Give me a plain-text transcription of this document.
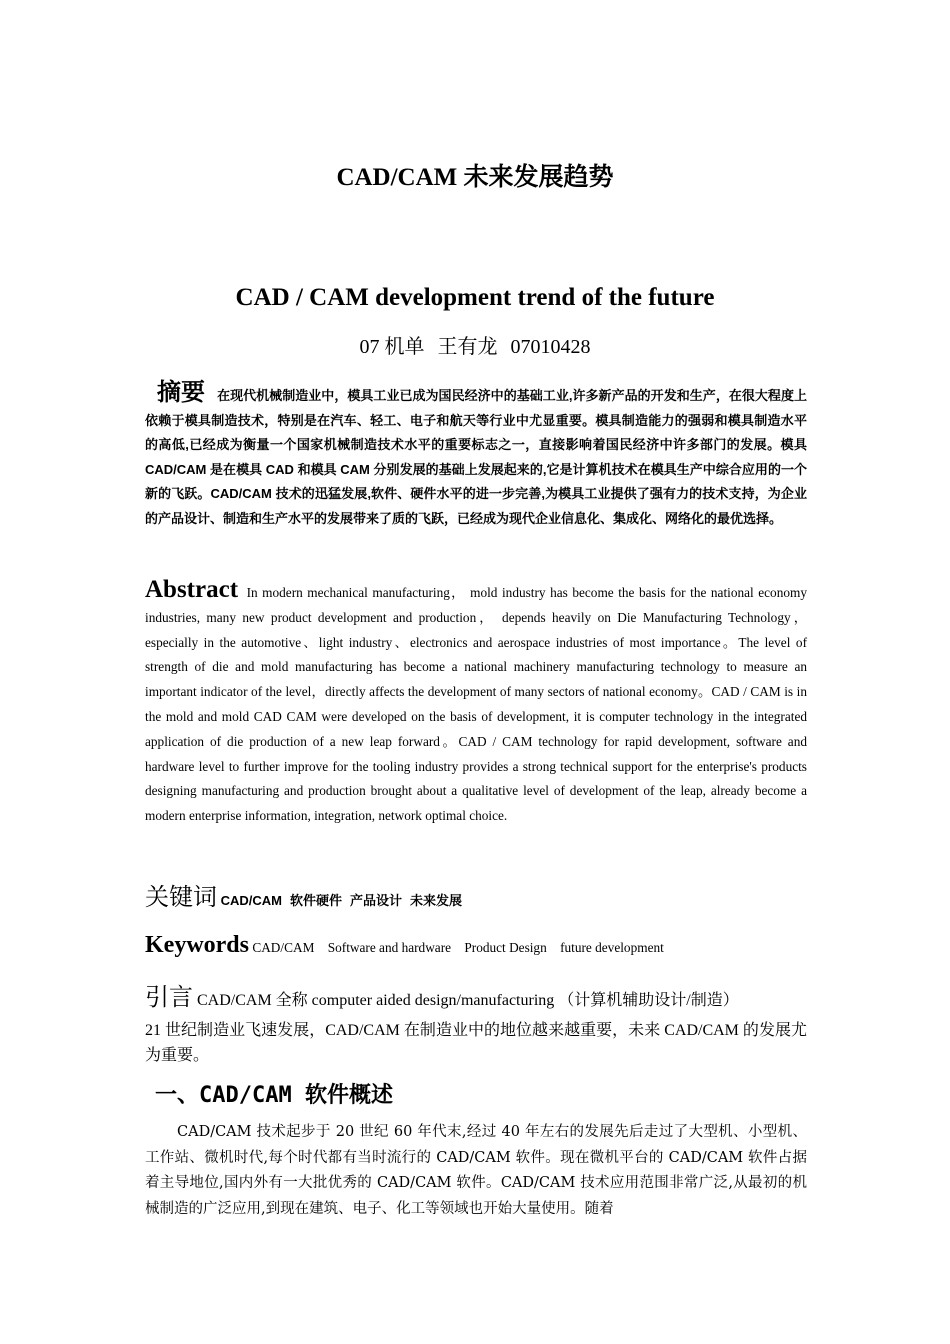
CAD/CAM 未来发展趋势
CAD / CAM development trend of the future
07 机单 王有龙 07010428
摘要 在现代机械制造业中，模具工业已成为国民经济中的基础工业,许多新产品的开发和生产，在很大程度上依赖于模具制造技术，特别是在汽车、轻工、电子和航天等行业中尤显重要。模具制造能力的强弱和模具制造水平的高低,已经成为衡量一个国家机械制造技术水平的重要标志之一，直接影响着国民经济中许多部门的发展。模具 CAD/CAM 是在模具 CAD 和模具 CAM 分别发展的基础上发展起来的,它是计算机技术在模具生产中综合应用的一个新的飞跃。CAD/CAM 技术的迅猛发展,软件、硬件水平的进一步完善,为模具工业提供了强有力的技术支持，为企业的产品设计、制造和生产水平的发展带来了质的飞跃，已经成为现代企业信息化、集成化、网络化的最优选择。
Abstract In modern mechanical manufacturing， mold industry has become the basis for the national economy industries, many new product development and production， depends heavily on Die Manufacturing Technology， especially in the automotive、light industry、electronics and aerospace industries of most importance。The level of strength of die and mold manufacturing has become a national machinery manufacturing technology to measure an important indicator of the level，directly affects the development of many sectors of national economy。CAD / CAM is in the mold and mold CAD CAM were developed on the basis of development, it is computer technology in the integrated application of die production of a new leap forward。CAD / CAM technology for rapid development, software and hardware level to further improve for the tooling industry provides a strong technical support for the enterprise's products designing manufacturing and production brought about a qualitative level of development of the leap, already become a modern enterprise information, integration, network optimal choice.
关键词 CAD/CAM 软件硬件 产品设计 未来发展
Keywords CAD/CAM Software and hardware Product Design future development
引言 CAD/CAM 全称 computer aided design/manufacturing （计算机辅助设计/制造）
21 世纪制造业飞速发展，CAD/CAM 在制造业中的地位越来越重要，未来 CAD/CAM 的发展尤为重要。
一、CAD/CAM 软件概述
CAD/CAM 技术起步于 20 世纪 60 年代末,经过 40 年左右的发展先后走过了大型机、小型机、工作站、微机时代,每个时代都有当时流行的 CAD/CAM 软件。现在微机平台的 CAD/CAM 软件占据着主导地位,国内外有一大批优秀的 CAD/CAM 软件。CAD/CAM 技术应用范围非常广泛,从最初的机械制造的广泛应用,到现在建筑、电子、化工等领域也开始大量使用。随着
